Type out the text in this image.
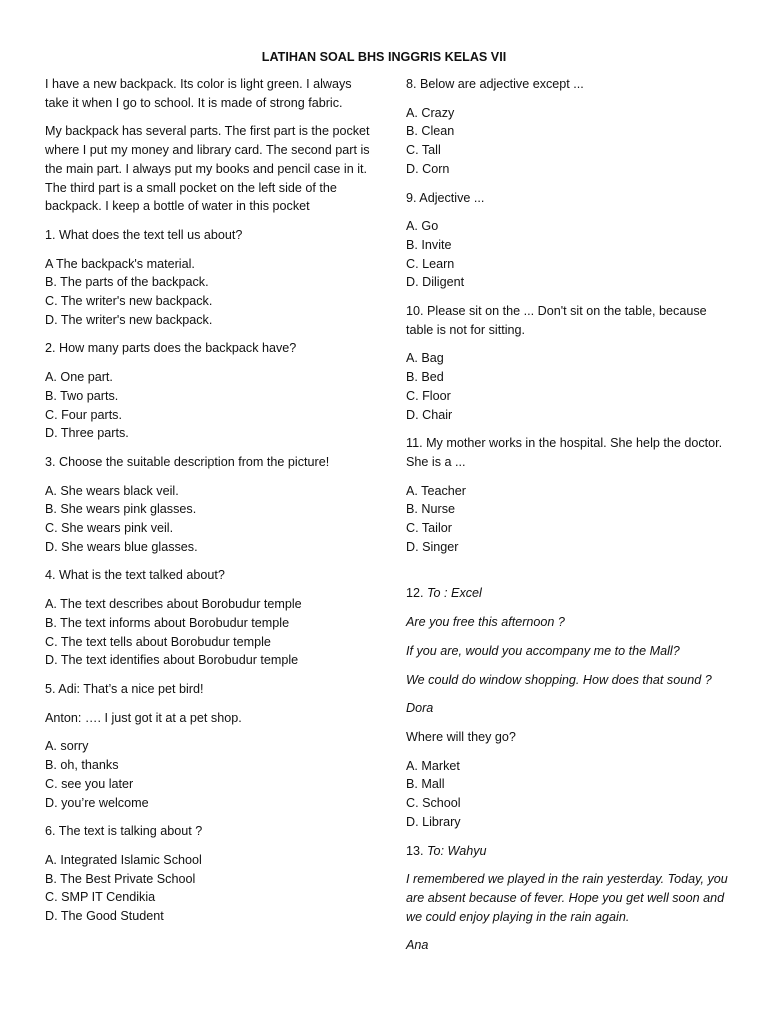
LATIHAN SOAL BHS INGGRIS KELAS VII

I have a new backpack. Its color is light green. I always take it when I go to school. It is made of strong fabric.

My backpack has several parts. The first part is the pocket where I put my money and library card. The second part is the main part. I always put my books and pencil case in it. The third part is a small pocket on the left side of the backpack. I keep a bottle of water in this pocket

1. What does the text tell us about?

A The backpack's material.
B. The parts of the backpack.
C. The writer's new backpack.
D. The writer's new backpack.

2. How many parts does the backpack have?

A. One part.
B. Two parts.
C. Four parts.
D. Three parts.

3. Choose the suitable description from the picture!

A. She wears black veil.
B. She wears pink glasses.
C. She wears pink veil.
D. She wears blue glasses.

4. What is the text talked about?

A. The text describes about Borobudur temple
B. The text informs about Borobudur temple
C. The text tells about Borobudur temple
D. The text identifies about Borobudur temple

5. Adi: That’s a nice pet bird!

Anton: …. I just got it at a pet shop.

A. sorry
B. oh, thanks
C. see you later
D. you’re welcome

6. The text is talking about ?

A. Integrated Islamic School
B. The Best Private School
C. SMP IT Cendikia
D. The Good Student

8. Below are adjective except ...

A. Crazy
B. Clean
C. Tall
D. Corn

9. Adjective ...

A. Go
B. Invite
C. Learn
D. Diligent

10. Please sit on the ... Don't sit on the table, because table is not for sitting.

A. Bag
B. Bed
C. Floor
D. Chair

11. My mother works in the hospital. She help the doctor. She is a ...

A. Teacher
B. Nurse
C. Tailor
D. Singer

12. To : Excel

Are you free this afternoon ?

If you are, would you accompany me to the Mall?

We could do window shopping. How does that sound ?

Dora

Where will they go?

A. Market
B. Mall
C. School
D. Library

13. To: Wahyu

I remembered we played in the rain yesterday. Today, you are absent because of fever. Hope you get well soon and we could enjoy playing in the rain again.

Ana
